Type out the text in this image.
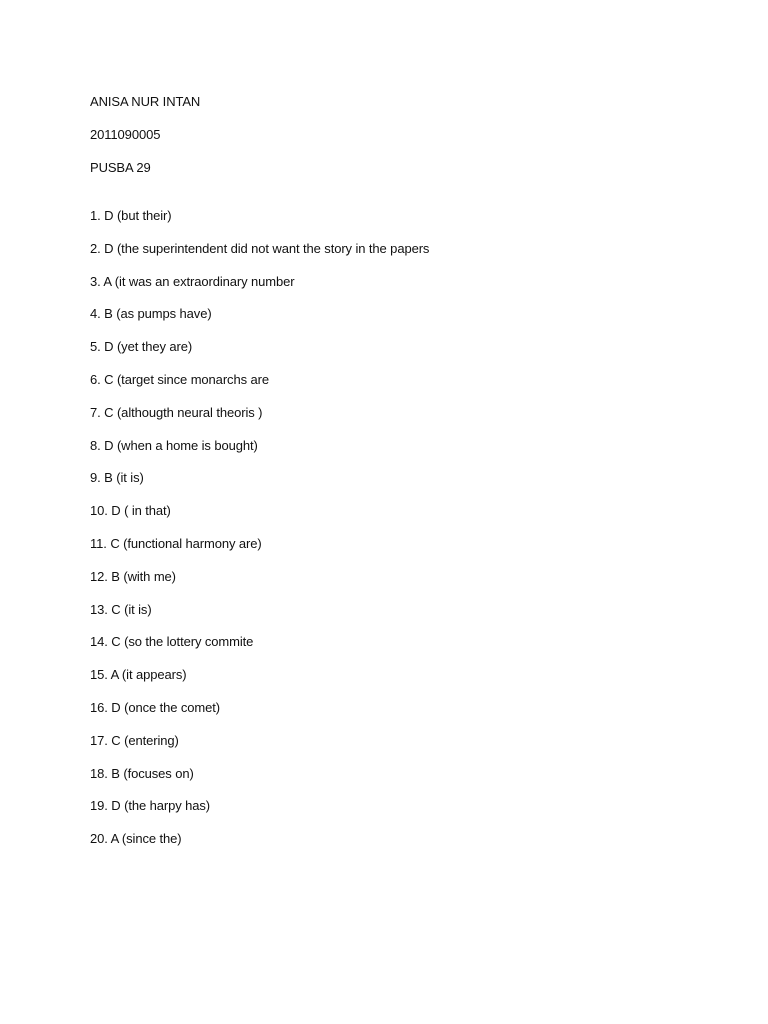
ANISA NUR INTAN

2011090005

PUSBA 29

1. D (but their)

2. D (the superintendent did not want the story in the papers

3. A (it was an extraordinary number

4. B (as pumps have)

5. D (yet they are)

6. C (target since monarchs are

7. C (althougth neural theoris )

8. D (when a home is bought)

9. B (it is)

10. D ( in that)

11. C (functional harmony are)

12. B (with me)

13. C (it is)

14. C (so the lottery commite

15. A (it appears)

16. D (once the comet)

17. C (entering)

18. B (focuses on)

19. D (the harpy has)

20. A (since the)
